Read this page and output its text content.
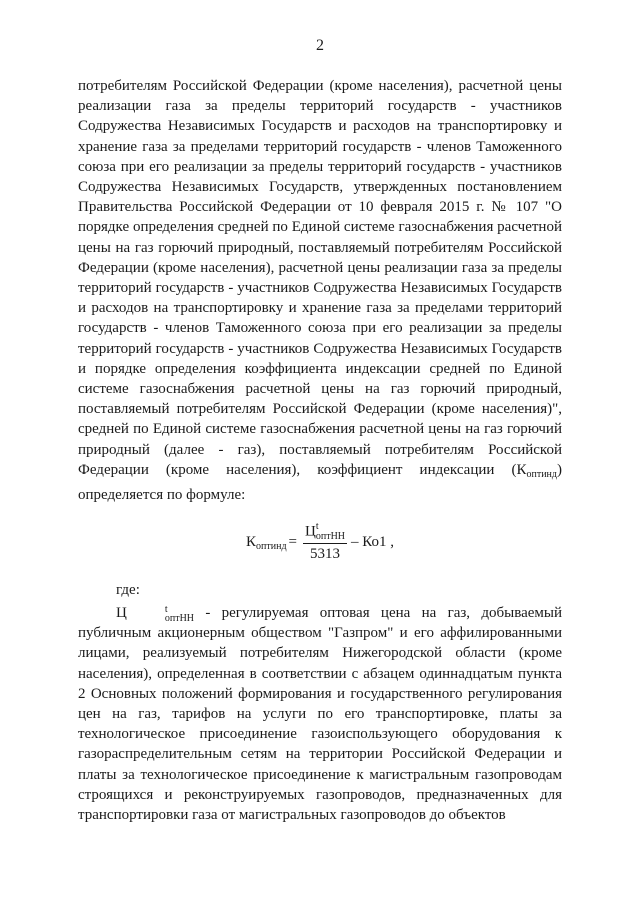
2

потребителям Российской Федерации (кроме населения), расчетной цены реализации газа за пределы территорий государств - участников Содружества Независимых Государств и расходов на транспортировку и хранение газа за пределами территорий государств - членов Таможенного союза при его реализации за пределы территорий государств - участников Содружества Независимых Государств, утвержденных постановлением Правительства Российской Федерации от 10 февраля 2015 г. № 107 "О порядке определения средней по Единой системе газоснабжения расчетной цены на газ горючий природный, поставляемый потребителям Российской Федерации (кроме населения), расчетной цены реализации газа за пределы территорий государств - участников Содружества Независимых Государств и расходов на транспортировку и хранение газа за пределами территорий государств - членов Таможенного союза при его реализации за пределы территорий государств - участников Содружества Независимых Государств и порядке определения коэффициента индексации средней по Единой системе газоснабжения расчетной цены на газ горючий природный, поставляемый потребителям Российской Федерации (кроме населения)", средней по Единой системе газоснабжения расчетной цены на газ горючий природный (далее - газ), поставляемый потребителям Российской Федерации (кроме населения), коэффициент индексации $(К_{оптинд})$ определяется по формуле:

$К_{оптинд} = Ц$ t
оптНН
5313 – Ко1 ,
где:

Ц	t
оптНН - регулируемая оптовая цена на газ, добываемый публичным акционерным обществом "Газпром" и его аффилированными лицами, реализуемый потребителям Нижегородской области (кроме населения), определенная в соответствии с абзацем одиннадцатым пункта 2 Основных положений формирования и государственного регулирования цен на газ, тарифов на услуги по его транспортировке, платы за технологическое присоединение газоиспользующего оборудования к газораспределительным сетям на территории Российской Федерации и платы за технологическое присоединение к магистральным газопроводам строящихся и реконструируемых газопроводов, предназначенных для транспортировки газа от магистральных газопроводов до объектов
